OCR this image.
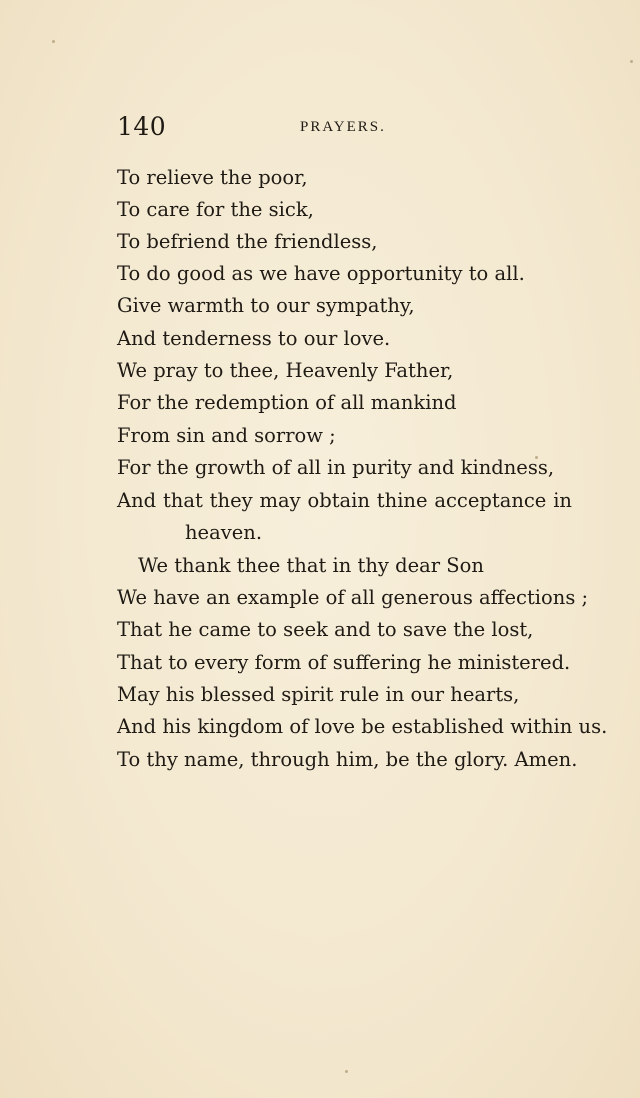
140	PRAYERS.
To relieve the poor,
To care for the sick,
To befriend the friendless,
To do good as we have opportunity to all.
Give warmth to our sympathy,
And tenderness to our love.
We pray to thee, Heavenly Father,
For the redemption of all mankind
From sin and sorrow ;
For the growth of all in purity and kindness,
And that they may obtain thine acceptance in
heaven.
We thank thee that in thy dear Son
We have an example of all generous affections ;
That he came to seek and to save the lost,
That to every form of suffering he ministered.
May his blessed spirit rule in our hearts,
And his kingdom of love be established within us.
To thy name, through him, be the glory. Amen.
